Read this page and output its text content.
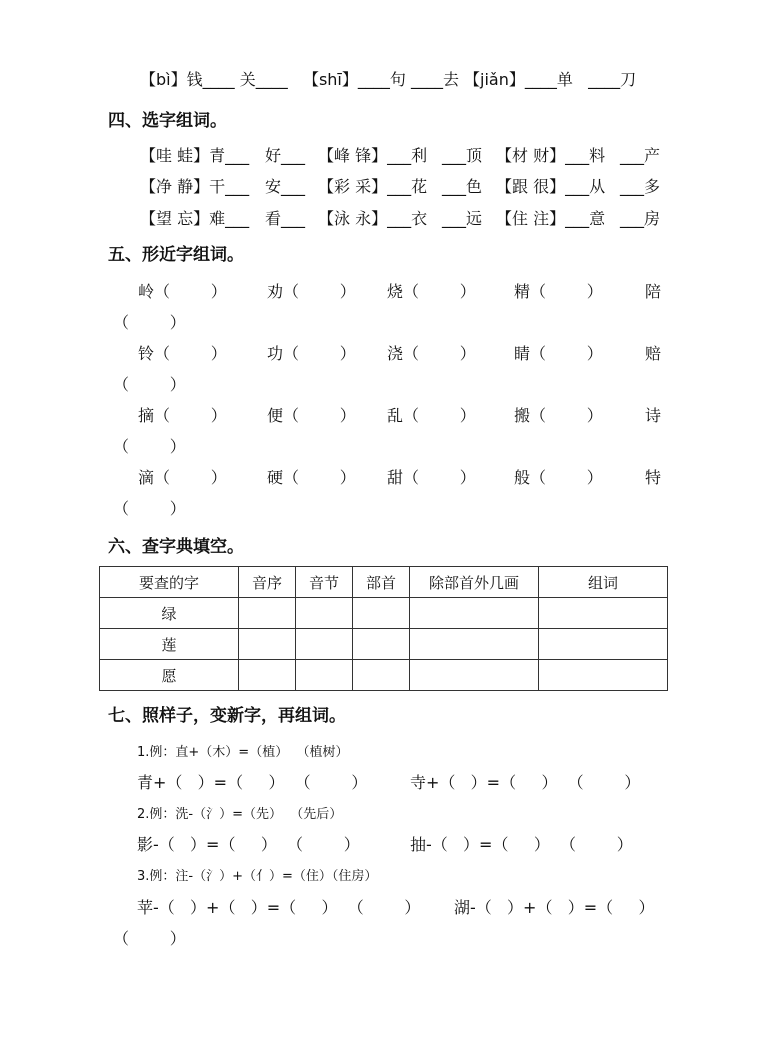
【bì】钱____ 关____   【shī】____句 ____去 【jiǎn】____单   ____刀
四、选字组词。
【哇 蛙】青___ 好___ 【峰 锋】___利 ___顶 【材 财】___料 ___产
【净 静】干___ 安___ 【彩 采】___花 ___色 【跟 很】___从 ___多
【望 忘】难___ 看___ 【泳 永】___衣 ___远 【住 注】___意 ___房
五、形近字组词。
岭（        ）	劝（        ） 烧（        ） 精（        ）	陪
（        ）
铃（        ）	功（        ） 浇（        ） 睛（        ）	赔
（        ）
摘（        ）	便（        ） 乱（        ） 搬（        ）	诗
（        ）
滴（        ）	硬（        ） 甜（        ） 般（        ）	特
（        ）
六、查字典填空。
要查的字	音序	音节	部首	除部首外几画	组词
绿					
莲					
愿					
七、照样子，变新字，再组词。
1.例：直+（木）=（植）  （植树）
青+（   ）=（     ）  （        ）	寺+（   ）=（     ）  （        ）
2.例：洗-（氵）=（先）  （先后）
影-（   ）=（     ）  （        ）	抽-（   ）=（     ）  （        ）
3.例：注-（氵）+（亻）=（住）（住房）
苹-（   ）+（   ）=（     ）  （        ） 湖-（   ）+（   ）=（     ）
（        ）
